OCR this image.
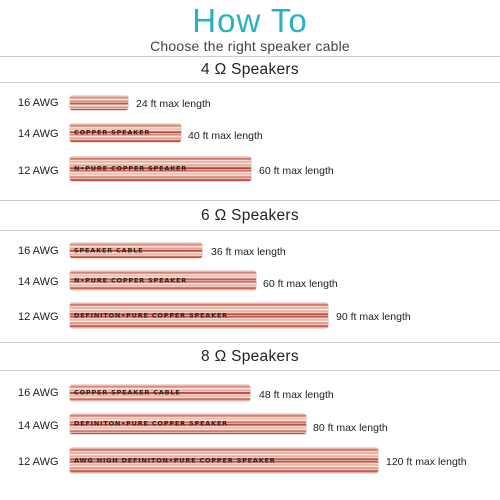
How To
Choose the right speaker cable
4 Ω Speakers
16 AWG	24 ft max length
14 AWG COPPER SPEAKER	40 ft max length
12 AWG N•PURE COPPER SPEAKER	60 ft max length
6 Ω Speakers
16 AWG SPEAKER CABLE	36 ft max length
14 AWG N•PURE COPPER SPEAKER	60 ft max length
12 AWG DEFINITON•PURE COPPER SPEAKER	90 ft max length
8 Ω Speakers
16 AWG COPPER SPEAKER CABLE	48 ft max length
14 AWG DEFINITON•PURE COPPER SPEAKER	80 ft max length
12 AWG AWG HIGH DEFINITON•PURE COPPER SPEAKER	120 ft max length
